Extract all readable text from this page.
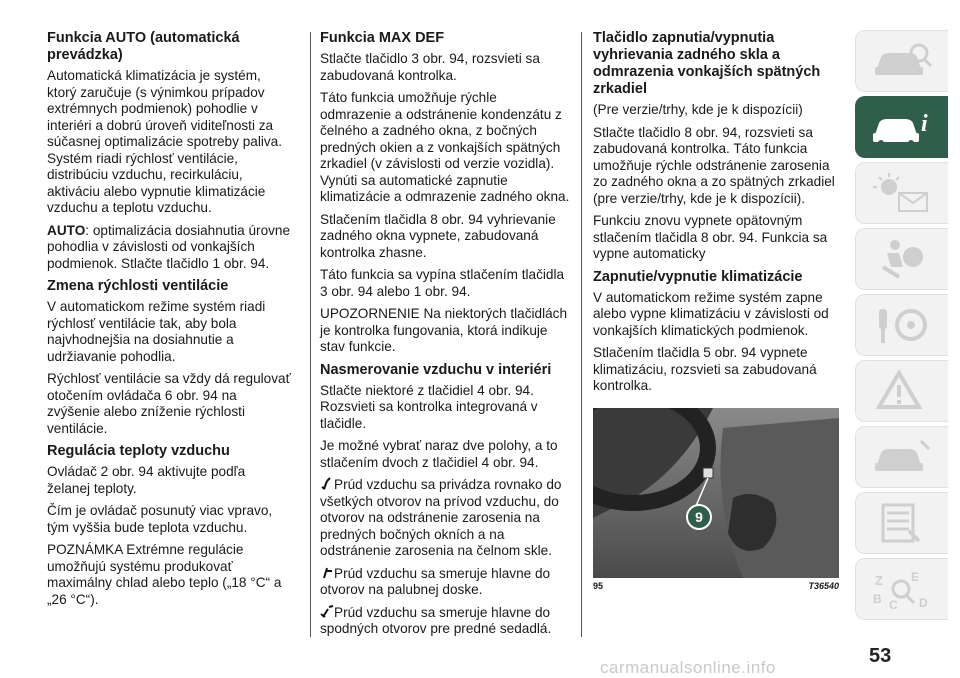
Funkcia AUTO (automatická prevádzka)

Automatická klimatizácia je systém, ktorý zaručuje (s výnimkou prípadov extrémnych podmienok) pohodlie v interiéri a dobrú úroveň viditeľnosti za súčasnej optimalizácie spotreby paliva. Systém riadi rýchlosť ventilácie, distribúciu vzduchu, recirkuláciu, aktiváciu alebo vypnutie klimatizácie vzduchu a teplotu vzduchu.

AUTO: optimalizácia dosiahnutia úrovne pohodlia v závislosti od vonkajších podmienok. Stlačte tlačidlo 1 obr. 94.

Zmena rýchlosti ventilácie

V automatickom režime systém riadi rýchlosť ventilácie tak, aby bola najvhodnejšia na dosiahnutie a udržiavanie pohodlia.

Rýchlosť ventilácie sa vždy dá regulovať otočením ovládača 6 obr. 94 na zvýšenie alebo zníženie rýchlosti ventilácie.

Regulácia teploty vzduchu

Ovládač 2 obr. 94 aktivujte podľa želanej teploty.

Čím je ovládač posunutý viac vpravo, tým vyššia bude teplota vzduchu.

POZNÁMKA Extrémne regulácie umožňujú systému produkovať maximálny chlad alebo teplo („18 °C“ a „26 °C“).

Funkcia MAX DEF

Stlačte tlačidlo 3 obr. 94, rozsvieti sa zabudovaná kontrolka.

Táto funkcia umožňuje rýchle odmrazenie a odstránenie kondenzátu z čelného a zadného okna, z bočných predných okien a z vonkajších spätných zrkadiel (v závislosti od verzie vozidla). Vynúti sa automatické zapnutie klimatizácie a odmrazenie zadného okna.

Stlačením tlačidla 8 obr. 94 vyhrievanie zadného okna vypnete, zabudovaná kontrolka zhasne.

Táto funkcia sa vypína stlačením tlačidla 3 obr. 94 alebo 1 obr. 94.

UPOZORNENIE Na niektorých tlačidlách je kontrolka fungovania, ktorá indikuje stav funkcie.

Nasmerovanie vzduchu v interiéri

Stlačte niektoré z tlačidiel 4 obr. 94. Rozsvieti sa kontrolka integrovaná v tlačidle.

Je možné vybrať naraz dve polohy, a to stlačením dvoch z tlačidiel 4 obr. 94.

Prúd vzduchu sa privádza rovnako do všetkých otvorov na prívod vzduchu, do otvorov na odstránenie zarosenia na predných bočných okních a na odstránenie zarosenia na čelnom skle.

Prúd vzduchu sa smeruje hlavne do otvorov na palubnej doske.

Prúd vzduchu sa smeruje hlavne do spodných otvorov pre predné sedadlá.

Tlačidlo zapnutia/vypnutia vyhrievania zadného skla a odmrazenia vonkajších spätných zrkadiel

(Pre verzie/trhy, kde je k dispozícii)

Stlačte tlačidlo 8 obr. 94, rozsvieti sa zabudovaná kontrolka. Táto funkcia umožňuje rýchle odstránenie zarosenia zo zadného okna a zo spätných zrkadiel (pre verzie/trhy, kde je k dispozícii).

Funkciu znovu vypnete opätovným stlačením tlačidla 8 obr. 94. Funkcia sa vypne automaticky

Zapnutie/vypnutie klimatizácie

V automatickom režime systém zapne alebo vypne klimatizáciu v závislosti od vonkajších klimatických podmienok.

Stlačením tlačidla 5 obr. 94 vypnete klimatizáciu, rozsvieti sa zabudovaná kontrolka.

9
95	T36540
i
Z E
B C D
53
carmanualsonline.info
